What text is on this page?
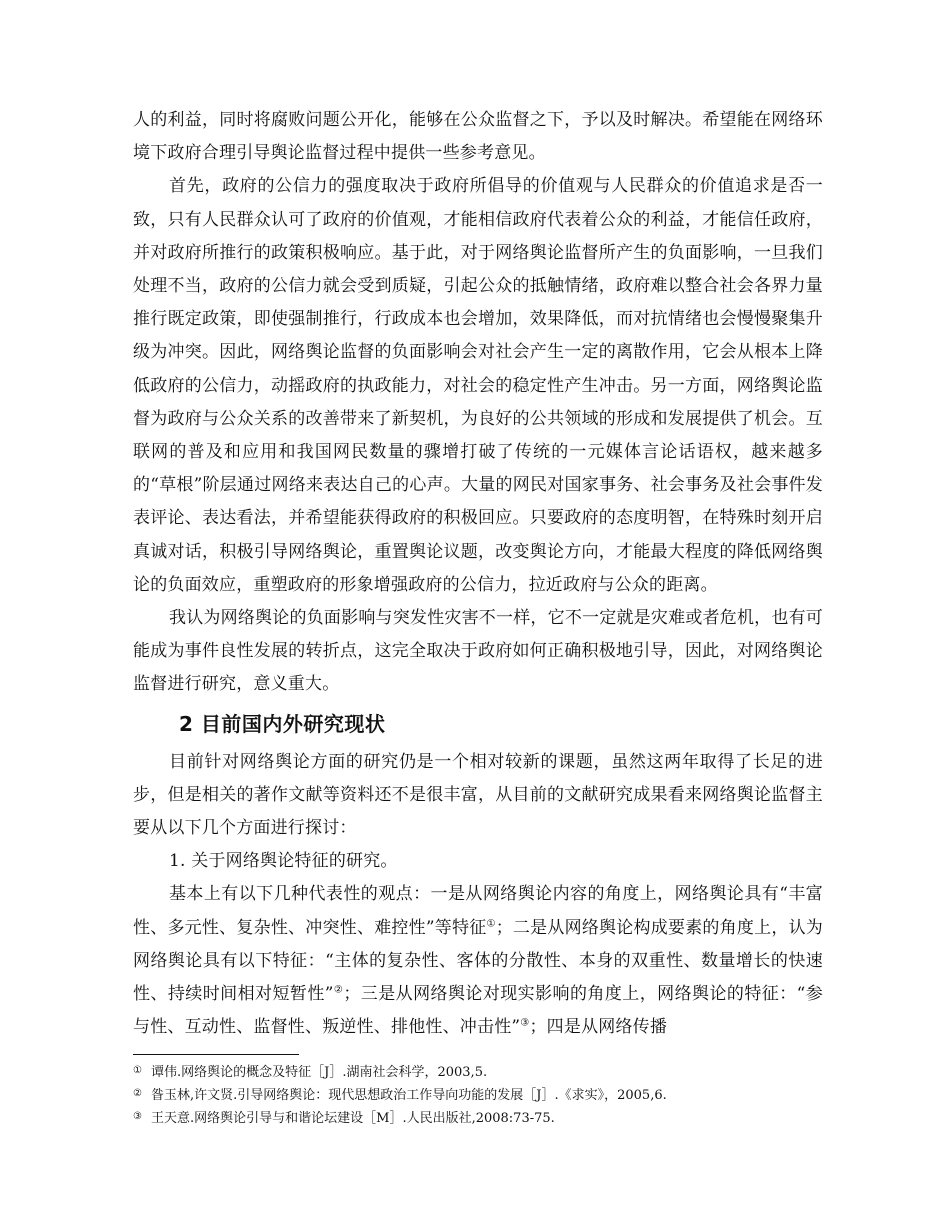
人的利益，同时将腐败问题公开化，能够在公众监督之下，予以及时解决。希望能在网络环境下政府合理引导舆论监督过程中提供一些参考意见。

首先，政府的公信力的强度取决于政府所倡导的价值观与人民群众的价值追求是否一致，只有人民群众认可了政府的价值观，才能相信政府代表着公众的利益，才能信任政府，并对政府所推行的政策积极响应。基于此，对于网络舆论监督所产生的负面影响，一旦我们处理不当，政府的公信力就会受到质疑，引起公众的抵触情绪，政府难以整合社会各界力量推行既定政策，即使强制推行，行政成本也会增加，效果降低，而对抗情绪也会慢慢聚集升级为冲突。因此，网络舆论监督的负面影响会对社会产生一定的离散作用，它会从根本上降低政府的公信力，动摇政府的执政能力，对社会的稳定性产生冲击。另一方面，网络舆论监督为政府与公众关系的改善带来了新契机，为良好的公共领域的形成和发展提供了机会。互联网的普及和应用和我国网民数量的骤增打破了传统的一元媒体言论话语权，越来越多的“草根”阶层通过网络来表达自己的心声。大量的网民对国家事务、社会事务及社会事件发表评论、表达看法，并希望能获得政府的积极回应。只要政府的态度明智，在特殊时刻开启真诚对话，积极引导网络舆论，重置舆论议题，改变舆论方向，才能最大程度的降低网络舆论的负面效应，重塑政府的形象增强政府的公信力，拉近政府与公众的距离。

我认为网络舆论的负面影响与突发性灾害不一样，它不一定就是灾难或者危机，也有可能成为事件良性发展的转折点，这完全取决于政府如何正确积极地引导，因此，对网络舆论监督进行研究，意义重大。

2 目前国内外研究现状

目前针对网络舆论方面的研究仍是一个相对较新的课题，虽然这两年取得了长足的进步，但是相关的著作文献等资料还不是很丰富，从目前的文献研究成果看来网络舆论监督主要从以下几个方面进行探讨：

1. 关于网络舆论特征的研究。

基本上有以下几种代表性的观点：一是从网络舆论内容的角度上，网络舆论具有“丰富性、多元性、复杂性、冲突性、难控性”等特征①；二是从网络舆论构成要素的角度上，认为网络舆论具有以下特征：“主体的复杂性、客体的分散性、本身的双重性、数量增长的快速性、持续时间相对短暂性”②；三是从网络舆论对现实影响的角度上，网络舆论的特征：“参与性、互动性、监督性、叛逆性、排他性、冲击性”③；四是从网络传播

① 谭伟.网络舆论的概念及特征［J］.湖南社会科学，2003,5.

② 昝玉林,许文贤.引导网络舆论：现代思想政治工作导向功能的发展［J］.《求实》，2005,6.

③ 王天意.网络舆论引导与和谐论坛建设［M］.人民出版社,2008:73-75.
